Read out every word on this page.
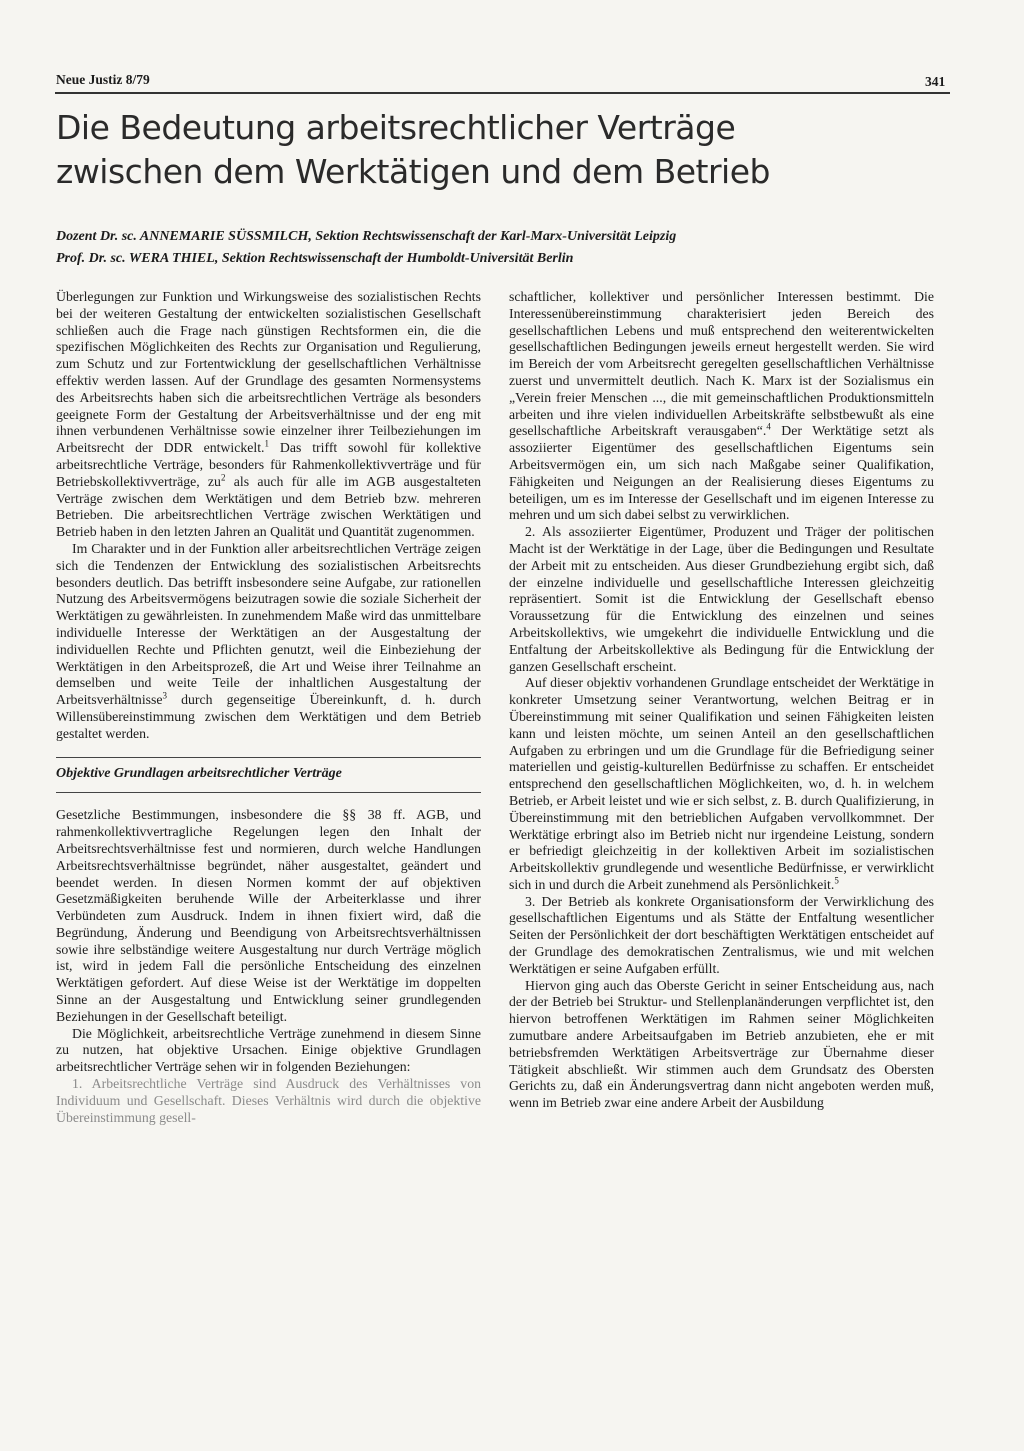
Neue Justiz 8/79	341
Die Bedeutung arbeitsrechtlicher Verträge
zwischen dem Werktätigen und dem Betrieb
Dozent Dr. sc. ANNEMARIE SÜSSMILCH, Sektion Rechtswissenschaft der Karl-Marx-Universität Leipzig
Prof. Dr. sc. WERA THIEL, Sektion Rechtswissenschaft der Humboldt-Universität Berlin

Überlegungen zur Funktion und Wirkungsweise des sozialistischen Rechts bei der weiteren Gestaltung der entwickelten sozialistischen Gesellschaft schließen auch die Frage nach günstigen Rechtsformen ein, die die spezifischen Möglichkeiten des Rechts zur Organisation und Regulierung, zum Schutz und zur Fortentwicklung der gesellschaftlichen Verhältnisse effektiv werden lassen. Auf der Grundlage des gesamten Normensystems des Arbeitsrechts haben sich die arbeitsrechtlichen Verträge als besonders geeignete Form der Gestaltung der Arbeitsverhältnisse und der eng mit ihnen verbundenen Verhältnisse sowie einzelner ihrer Teilbeziehungen im Arbeitsrecht der DDR entwickelt.$^1$ Das trifft sowohl für kollektive arbeitsrechtliche Verträge, besonders für Rahmenkollektivverträge und für Betriebskollektivverträge, $zu^2$ als auch für alle im AGB ausgestalteten Verträge zwischen dem Werktätigen und dem Betrieb bzw. mehreren Betrieben. Die arbeitsrechtlichen Verträge zwischen Werktätigen und Betrieb haben in den letzten Jahren an Qualität und Quantität zugenommen.

Im Charakter und in der Funktion aller arbeitsrechtlichen Verträge zeigen sich die Tendenzen der Entwicklung des sozialistischen Arbeitsrechts besonders deutlich. Das betrifft insbesondere seine Aufgabe, zur rationellen Nutzung des Arbeitsvermögens beizutragen sowie die soziale Sicherheit der Werktätigen zu gewährleisten. In zunehmendem Maße wird das unmittelbare individuelle Interesse der Werktätigen an der Ausgestaltung der individuellen Rechte und Pflichten genutzt, weil die Einbeziehung der Werktätigen in den Arbeitsprozeß, die Art und Weise ihrer Teilnahme an demselben und weite Teile der inhaltlichen Ausgestaltung der Arbeitsverhältnisse$^3$ durch gegenseitige Übereinkunft, d. h. durch Willensübereinstimmung zwischen dem Werktätigen und dem Betrieb gestaltet werden.

Objektive Grundlagen arbeitsrechtlicher Verträge

Gesetzliche Bestimmungen, insbesondere die §§ 38 ff. AGB, und rahmenkollektivvertragliche Regelungen legen den Inhalt der Arbeitsrechtsverhältnisse fest und normieren, durch welche Handlungen Arbeitsrechtsverhältnisse begründet, näher ausgestaltet, geändert und beendet werden. In diesen Normen kommt der auf objektiven Gesetzmäßigkeiten beruhende Wille der Arbeiterklasse und ihrer Verbündeten zum Ausdruck. Indem in ihnen fixiert wird, daß die Begründung, Änderung und Beendigung von Arbeitsrechtsverhältnissen sowie ihre selbständige weitere Ausgestaltung nur durch Verträge möglich ist, wird in jedem Fall die persönliche Entscheidung des einzelnen Werktätigen gefordert. Auf diese Weise ist der Werktätige im doppelten Sinne an der Ausgestaltung und Entwicklung seiner grundlegenden Beziehungen in der Gesellschaft beteiligt.

Die Möglichkeit, arbeitsrechtliche Verträge zunehmend in diesem Sinne zu nutzen, hat objektive Ursachen. Einige objektive Grundlagen arbeitsrechtlicher Verträge sehen wir in folgenden Beziehungen:

1. Arbeitsrechtliche Verträge sind Ausdruck des Verhältnisses von Individuum und Gesellschaft. Dieses Verhältnis wird durch die objektive Übereinstimmung gesell-

schaftlicher, kollektiver und persönlicher Interessen bestimmt. Die Interessenübereinstimmung charakterisiert jeden Bereich des gesellschaftlichen Lebens und muß entsprechend den weiterentwickelten gesellschaftlichen Bedingungen jeweils erneut hergestellt werden. Sie wird im Bereich der vom Arbeitsrecht geregelten gesellschaftlichen Verhältnisse zuerst und unvermittelt deutlich. Nach K. Marx ist der Sozialismus ein „Verein freier Menschen ..., die mit gemeinschaftlichen Produktionsmitteln arbeiten und ihre vielen individuellen Arbeitskräfte selbstbewußt als eine gesellschaftliche Arbeitskraft verausgaben“.$^4$ Der Werktätige setzt als assoziierter Eigentümer des gesellschaftlichen Eigentums sein Arbeitsvermögen ein, um sich nach Maßgabe seiner Qualifikation, Fähigkeiten und Neigungen an der Realisierung dieses Eigentums zu beteiligen, um es im Interesse der Gesellschaft und im eigenen Interesse zu mehren und um sich dabei selbst zu verwirklichen.

2. Als assoziierter Eigentümer, Produzent und Träger der politischen Macht ist der Werktätige in der Lage, über die Bedingungen und Resultate der Arbeit mit zu entscheiden. Aus dieser Grundbeziehung ergibt sich, daß der einzelne individuelle und gesellschaftliche Interessen gleichzeitig repräsentiert. Somit ist die Entwicklung der Gesellschaft ebenso Voraussetzung für die Entwicklung des einzelnen und seines Arbeitskollektivs, wie umgekehrt die individuelle Entwicklung und die Entfaltung der Arbeitskollektive als Bedingung für die Entwicklung der ganzen Gesellschaft erscheint.

Auf dieser objektiv vorhandenen Grundlage entscheidet der Werktätige in konkreter Umsetzung seiner Verantwortung, welchen Beitrag er in Übereinstimmung mit seiner Qualifikation und seinen Fähigkeiten leisten kann und leisten möchte, um seinen Anteil an den gesellschaftlichen Aufgaben zu erbringen und um die Grundlage für die Befriedigung seiner materiellen und geistig-kulturellen Bedürfnisse zu schaffen. Er entscheidet entsprechend den gesellschaftlichen Möglichkeiten, wo, d. h. in welchem Betrieb, er Arbeit leistet und wie er sich selbst, z. B. durch Qualifizierung, in Übereinstimmung mit den betrieblichen Aufgaben vervollkommnet. Der Werktätige erbringt also im Betrieb nicht nur irgendeine Leistung, sondern er befriedigt gleichzeitig in der kollektiven Arbeit im sozialistischen Arbeitskollektiv grundlegende und wesentliche Bedürfnisse, er verwirklicht sich in und durch die Arbeit zunehmend als Persönlichkeit.$^5$

3. Der Betrieb als konkrete Organisationsform der Verwirklichung des gesellschaftlichen Eigentums und als Stätte der Entfaltung wesentlicher Seiten der Persönlichkeit der dort beschäftigten Werktätigen entscheidet auf der Grundlage des demokratischen Zentralismus, wie und mit welchen Werktätigen er seine Aufgaben erfüllt.

Hiervon ging auch das Oberste Gericht in seiner Entscheidung aus, nach der der Betrieb bei Struktur- und Stellenplanänderungen verpflichtet ist, den hiervon betroffenen Werktätigen im Rahmen seiner Möglichkeiten zumutbare andere Arbeitsaufgaben im Betrieb anzubieten, ehe er mit betriebsfremden Werktätigen Arbeitsverträge zur Übernahme dieser Tätigkeit abschließt. Wir stimmen auch dem Grundsatz des Obersten Gerichts zu, daß ein Änderungsvertrag dann nicht angeboten werden muß, wenn im Betrieb zwar eine andere Arbeit der Ausbildung
